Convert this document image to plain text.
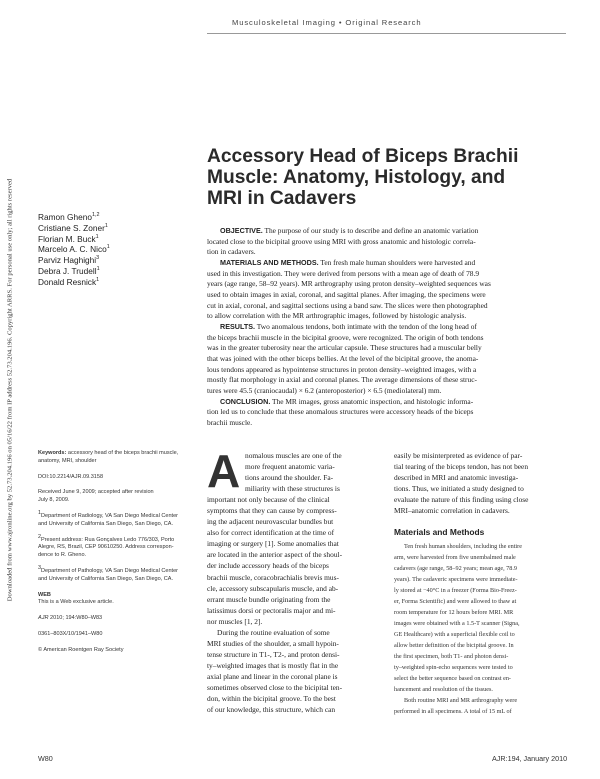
Downloaded from www.ajronline.org by 52.73.204.196 on 05/16/22 from IP address 52.73.204.196. Copyright ARRS. For personal use only; all rights reserved
Musculoskeletal Imaging • Original Research
Accessory Head of Biceps Brachii
Muscle: Anatomy, Histology, and
MRI in Cadavers
Ramon Gheno$^{1,2}$
Cristiane S. Zoner$^1$
Florian M. Buck$^1$
Marcelo A. C. Nico$^1$
Parviz Haghighi$^3$
Debra J. Trudell$^1$
Donald Resnick$^1$
OBJECTIVE. The purpose of our study is to describe and define an anatomic variation
located close to the bicipital groove using MRI with gross anatomic and histologic correla-
tion in cadavers.
MATERIALS AND METHODS. Ten fresh male human shoulders were harvested and
used in this investigation. They were derived from persons with a mean age of death of 78.9
years (age range, 58–92 years). MR arthrography using proton density–weighted sequences was
used to obtain images in axial, coronal, and sagittal planes. After imaging, the specimens were
cut in axial, coronal, and sagittal sections using a band saw. The slices were then photographed
to allow correlation with the MR arthrographic images, followed by histologic analysis.
RESULTS. Two anomalous tendons, both intimate with the tendon of the long head of
the biceps brachii muscle in the bicipital groove, were recognized. The origin of both tendons
was in the greater tuberosity near the articular capsule. These structures had a muscular belly
that was joined with the other biceps bellies. At the level of the bicipital groove, the anoma-
lous tendons appeared as hypointense structures in proton density–weighted images, with a
mostly flat morphology in axial and coronal planes. The average dimensions of these struc-
tures were 45.5 (craniocaudal) × 6.2 (anteroposterior) × 6.5 (mediolateral) mm.
CONCLUSION. The MR images, gross anatomic inspection, and histologic informa-
tion led us to conclude that these anomalous structures were accessory heads of the biceps
brachii muscle.
Keywords: accessory head of the biceps brachii muscle,
anatomy, MRI, shoulder
DOI:10.2214/AJR.09.3158
Received June 9, 2009; accepted after revision
July 8, 2009.
$^1$Department of Radiology, VA San Diego Medical Center
and University of California San Diego, San Diego, CA.
$^2$Present address: Rua Gonçalves Ledo 776/303, Porto
Alegre, RS, Brazil, CEP 90610250. Address correspon-
dence to R. Gheno.
$^3$Department of Pathology, VA San Diego Medical Center
and University of California San Diego, San Diego, CA.
WEB
This is a Web exclusive article.
AJR 2010; 194:W80–W83
0361–803X/10/1941–W80
© American Roentgen Ray Society
A nomalous muscles are one of the
more frequent anatomic varia-
tions around the shoulder. Fa-
miliarity with these structures is
important not only because of the clinical
symptoms that they can cause by compress-
ing the adjacent neurovascular bundles but
also for correct identification at the time of
imaging or surgery [1]. Some anomalies that
are located in the anterior aspect of the shoul-
der include accessory heads of the biceps
brachii muscle, coracobrachialis brevis mus-
cle, accessory subscapularis muscle, and ab-
errant muscle bundle originating from the
latissimus dorsi or pectoralis major and mi-
nor muscles [1, 2].
During the routine evaluation of some
MRI studies of the shoulder, a small hypoin-
tense structure in T1-, T2-, and proton densi-
ty–weighted images that is mostly flat in the
axial plane and linear in the coronal plane is
sometimes observed close to the bicipital ten-
don, within the bicipital groove. To the best
of our knowledge, this structure, which can
easily be misinterpreted as evidence of par-
tial tearing of the biceps tendon, has not been
described in MRI and anatomic investiga-
tions. Thus, we initiated a study designed to
evaluate the nature of this finding using close
MRI–anatomic correlation in cadavers.
Materials and Methods
Ten fresh human shoulders, including the entire
arm, were harvested from five unembalmed male
cadavers (age range, 58–92 years; mean age, 78.9
years). The cadaveric specimens were immediate-
ly stored at −40°C in a freezer (Forma Bio-Freez-
er, Forma Scientific) and were allowed to thaw at
room temperature for 12 hours before MRI. MR
images were obtained with a 1.5-T scanner (Signa,
GE Healthcare) with a superficial flexible coil to
allow better definition of the bicipital groove. In
the first specimen, both T1- and photon densi-
ty–weighted spin-echo sequences were tested to
select the better sequence based on contrast en-
hancement and resolution of the tissues.
Both routine MRI and MR arthrography were
performed in all specimens. A total of 15 mL of
W80	AJR:194, January 2010
